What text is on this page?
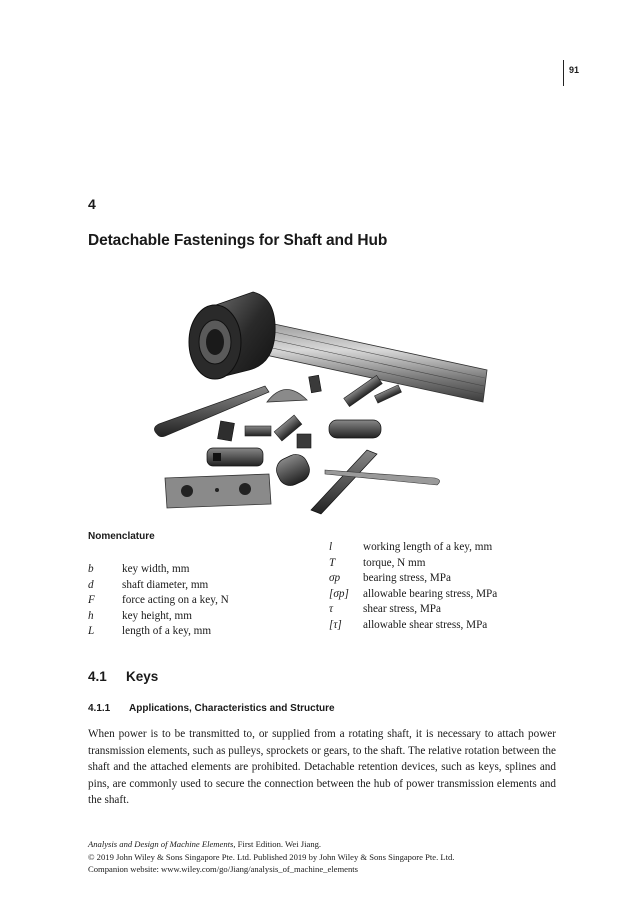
91
4
Detachable Fastenings for Shaft and Hub
Nomenclature
b	key width, mm
d	shaft diameter, mm
F	force acting on a key, N
h	key height, mm
L	length of a key, mm
l	working length of a key, mm
T	torque, N mm
σp	bearing stress, MPa
[σp]	allowable bearing stress, MPa
τ	shear stress, MPa
[τ]	allowable shear stress, MPa
4.1 Keys
4.1.1 Applications, Characteristics and Structure

When power is to be transmitted to, or supplied from a rotating shaft, it is necessary to attach power transmission elements, such as pulleys, sprockets or gears, to the shaft. The relative rotation between the shaft and the attached elements are prohibited. Detachable retention devices, such as keys, splines and pins, are commonly used to secure the connection between the hub of power transmission elements and the shaft.

Analysis and Design of Machine Elements, First Edition. Wei Jiang.
© 2019 John Wiley & Sons Singapore Pte. Ltd. Published 2019 by John Wiley & Sons Singapore Pte. Ltd.
Companion website: www.wiley.com/go/Jiang/analysis_of_machine_elements
